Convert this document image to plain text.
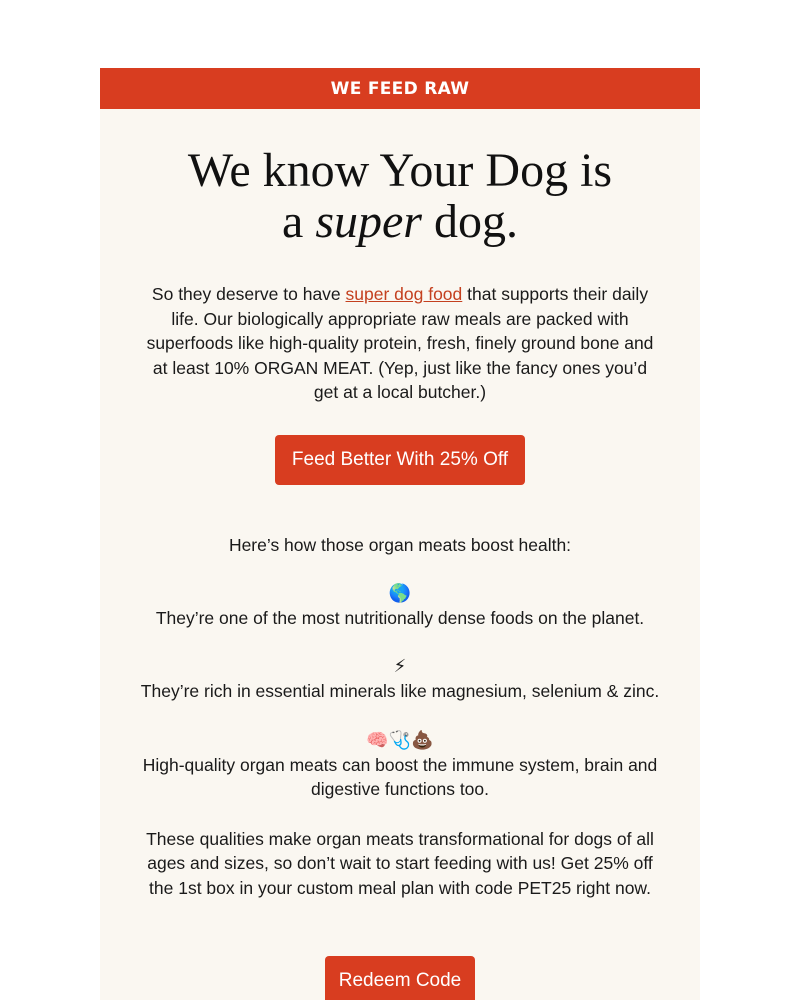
WE FEED RAW
We know Your Dog is
a super dog.

So they deserve to have super dog food that supports their daily life. Our biologically appropriate raw meals are packed with superfoods like high-quality protein, fresh, finely ground bone and at least 10% ORGAN MEAT. (Yep, just like the fancy ones you’d get at a local butcher.)

Feed Better With 25% Off

Here’s how those organ meats boost health:

🌎
They’re one of the most nutritionally dense foods on the planet.
⚡
They’re rich in essential minerals like magnesium, selenium & zinc.
🧠🩺💩
High-quality organ meats can boost the immune system, brain and digestive functions too.

These qualities make organ meats transformational for dogs of all ages and sizes, so don’t wait to start feeding with us! Get 25% off the 1st box in your custom meal plan with code PET25 right now.

Redeem Code
